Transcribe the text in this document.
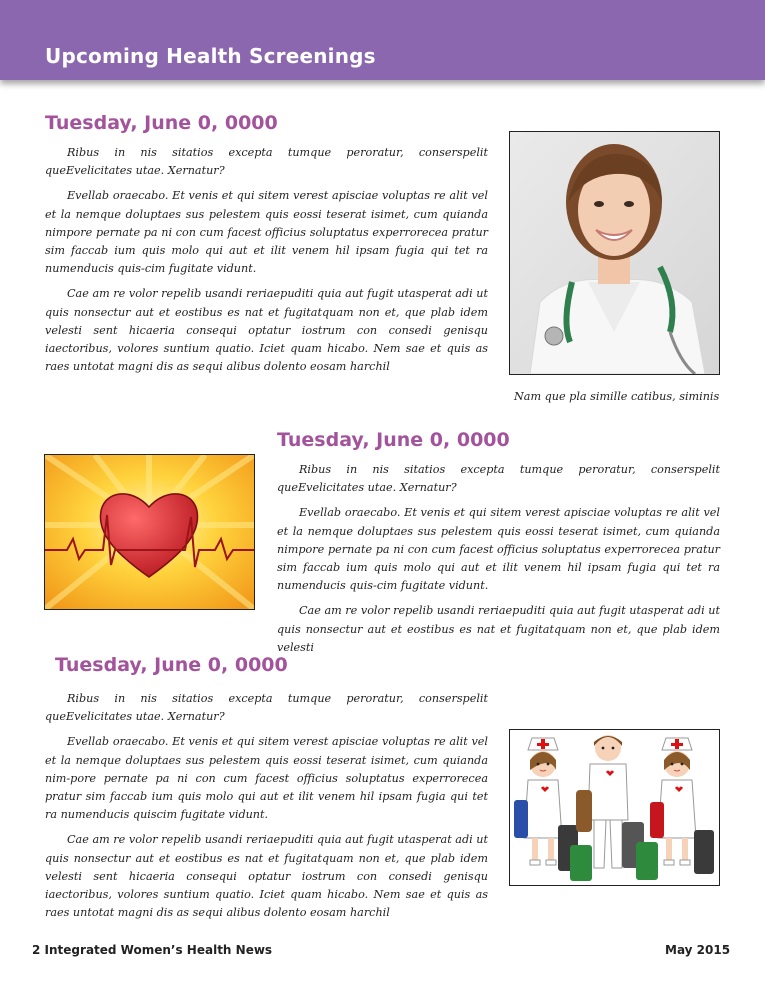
Upcoming Health Screenings
Tuesday, June 0, 0000

Ribus in nis sitatios excepta tumque peroratur, conserspelit queEvelicitates utae. Xernatur?

Evellab oraecabo. Et venis et qui sitem verest apisciae voluptas re alit vel et la nemque doluptaes sus pelestem quis eossi teserat isimet, cum quianda nimpore pernate pa ni con cum facest officius soluptatus experrorecea pratur sim faccab ium quis molo qui aut et ilit venem hil ipsam fugia qui tet ra numenducis quis-cim fugitate vidunt.

Cae am re volor repelib usandi reriaepuditi quia aut fugit utasperat adi ut quis nonsectur aut et eostibus es nat et fugitatquam non et, que plab idem velesti sent hicaeria consequi optatur iostrum con consedi genisqu iaectoribus, volores suntium quatio. Iciet quam hicabo. Nem sae et quis as raes untotat magni dis as sequi alibus dolento eosam harchil

Nam que pla simille catibus, siminis
Tuesday, June 0, 0000

Ribus in nis sitatios excepta tumque peroratur, conserspelit queEvelicitates utae. Xernatur?

Evellab oraecabo. Et venis et qui sitem verest apisciae voluptas re alit vel et la nemque doluptaes sus pelestem quis eossi teserat isimet, cum quianda nimpore pernate pa ni con cum facest officius soluptatus experrorecea pratur sim faccab ium quis molo qui aut et ilit venem hil ipsam fugia qui tet ra numenducis quis-cim fugitate vidunt.

Cae am re volor repelib usandi reriaepuditi quia aut fugit utasperat adi ut quis nonsectur aut et eostibus es nat et fugitatquam non et, que plab idem velesti

Tuesday, June 0, 0000

Ribus in nis sitatios excepta tumque peroratur, conserspelit queEvelicitates utae. Xernatur?

Evellab oraecabo. Et venis et qui sitem verest apisciae voluptas re alit vel et la nemque doluptaes sus pelestem quis eossi teserat isimet, cum quianda nim-pore pernate pa ni con cum facest officius soluptatus experrorecea pratur sim faccab ium quis molo qui aut et ilit venem hil ipsam fugia qui tet ra numenducis quiscim fugitate vidunt.

Cae am re volor repelib usandi reriaepuditi quia aut fugit utasperat adi ut quis nonsectur aut et eostibus es nat et fugitatquam non et, que plab idem velesti sent hicaeria consequi optatur iostrum con consedi genisqu iaectoribus, volores suntium quatio. Iciet quam hicabo. Nem sae et quis as raes untotat magni dis as sequi alibus dolento eosam harchil

2 Integrated Women’s Health News	May 2015
